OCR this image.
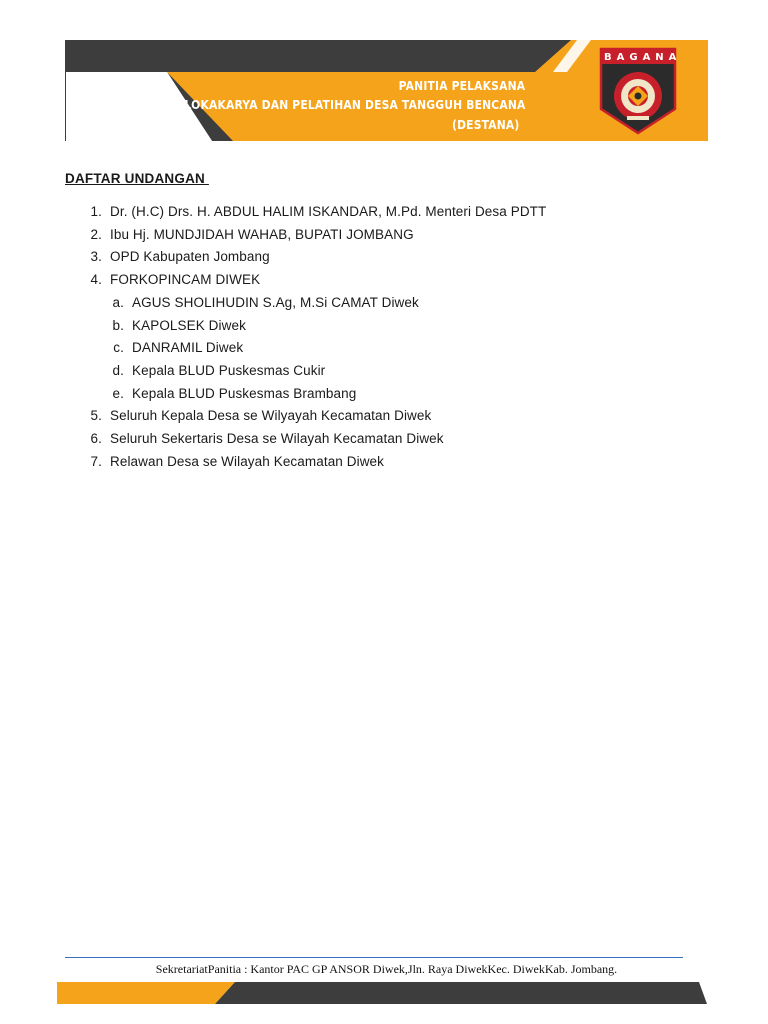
PANITIA PELAKSANA
LOKAKARYA DAN PELATIHAN DESA TANGGUH BENCANA
(DESTANA)
BAGANA
DAFTAR UNDANGAN
1. Dr. (H.C) Drs. H. ABDUL HALIM ISKANDAR, M.Pd. Menteri Desa PDTT
2. Ibu Hj. MUNDJIDAH WAHAB, BUPATI JOMBANG
3. OPD Kabupaten Jombang
4. FORKOPINCAM DIWEK
a. AGUS SHOLIHUDIN S.Ag, M.Si CAMAT Diwek
b. KAPOLSEK Diwek
c. DANRAMIL Diwek
d. Kepala BLUD Puskesmas Cukir
e. Kepala BLUD Puskesmas Brambang
5. Seluruh Kepala Desa se Wilyayah Kecamatan Diwek
6. Seluruh Sekertaris Desa se Wilayah Kecamatan Diwek
7. Relawan Desa se Wilayah Kecamatan Diwek
SekretariatPanitia : Kantor PAC GP ANSOR Diwek,Jln. Raya DiwekKec. DiwekKab. Jombang.
